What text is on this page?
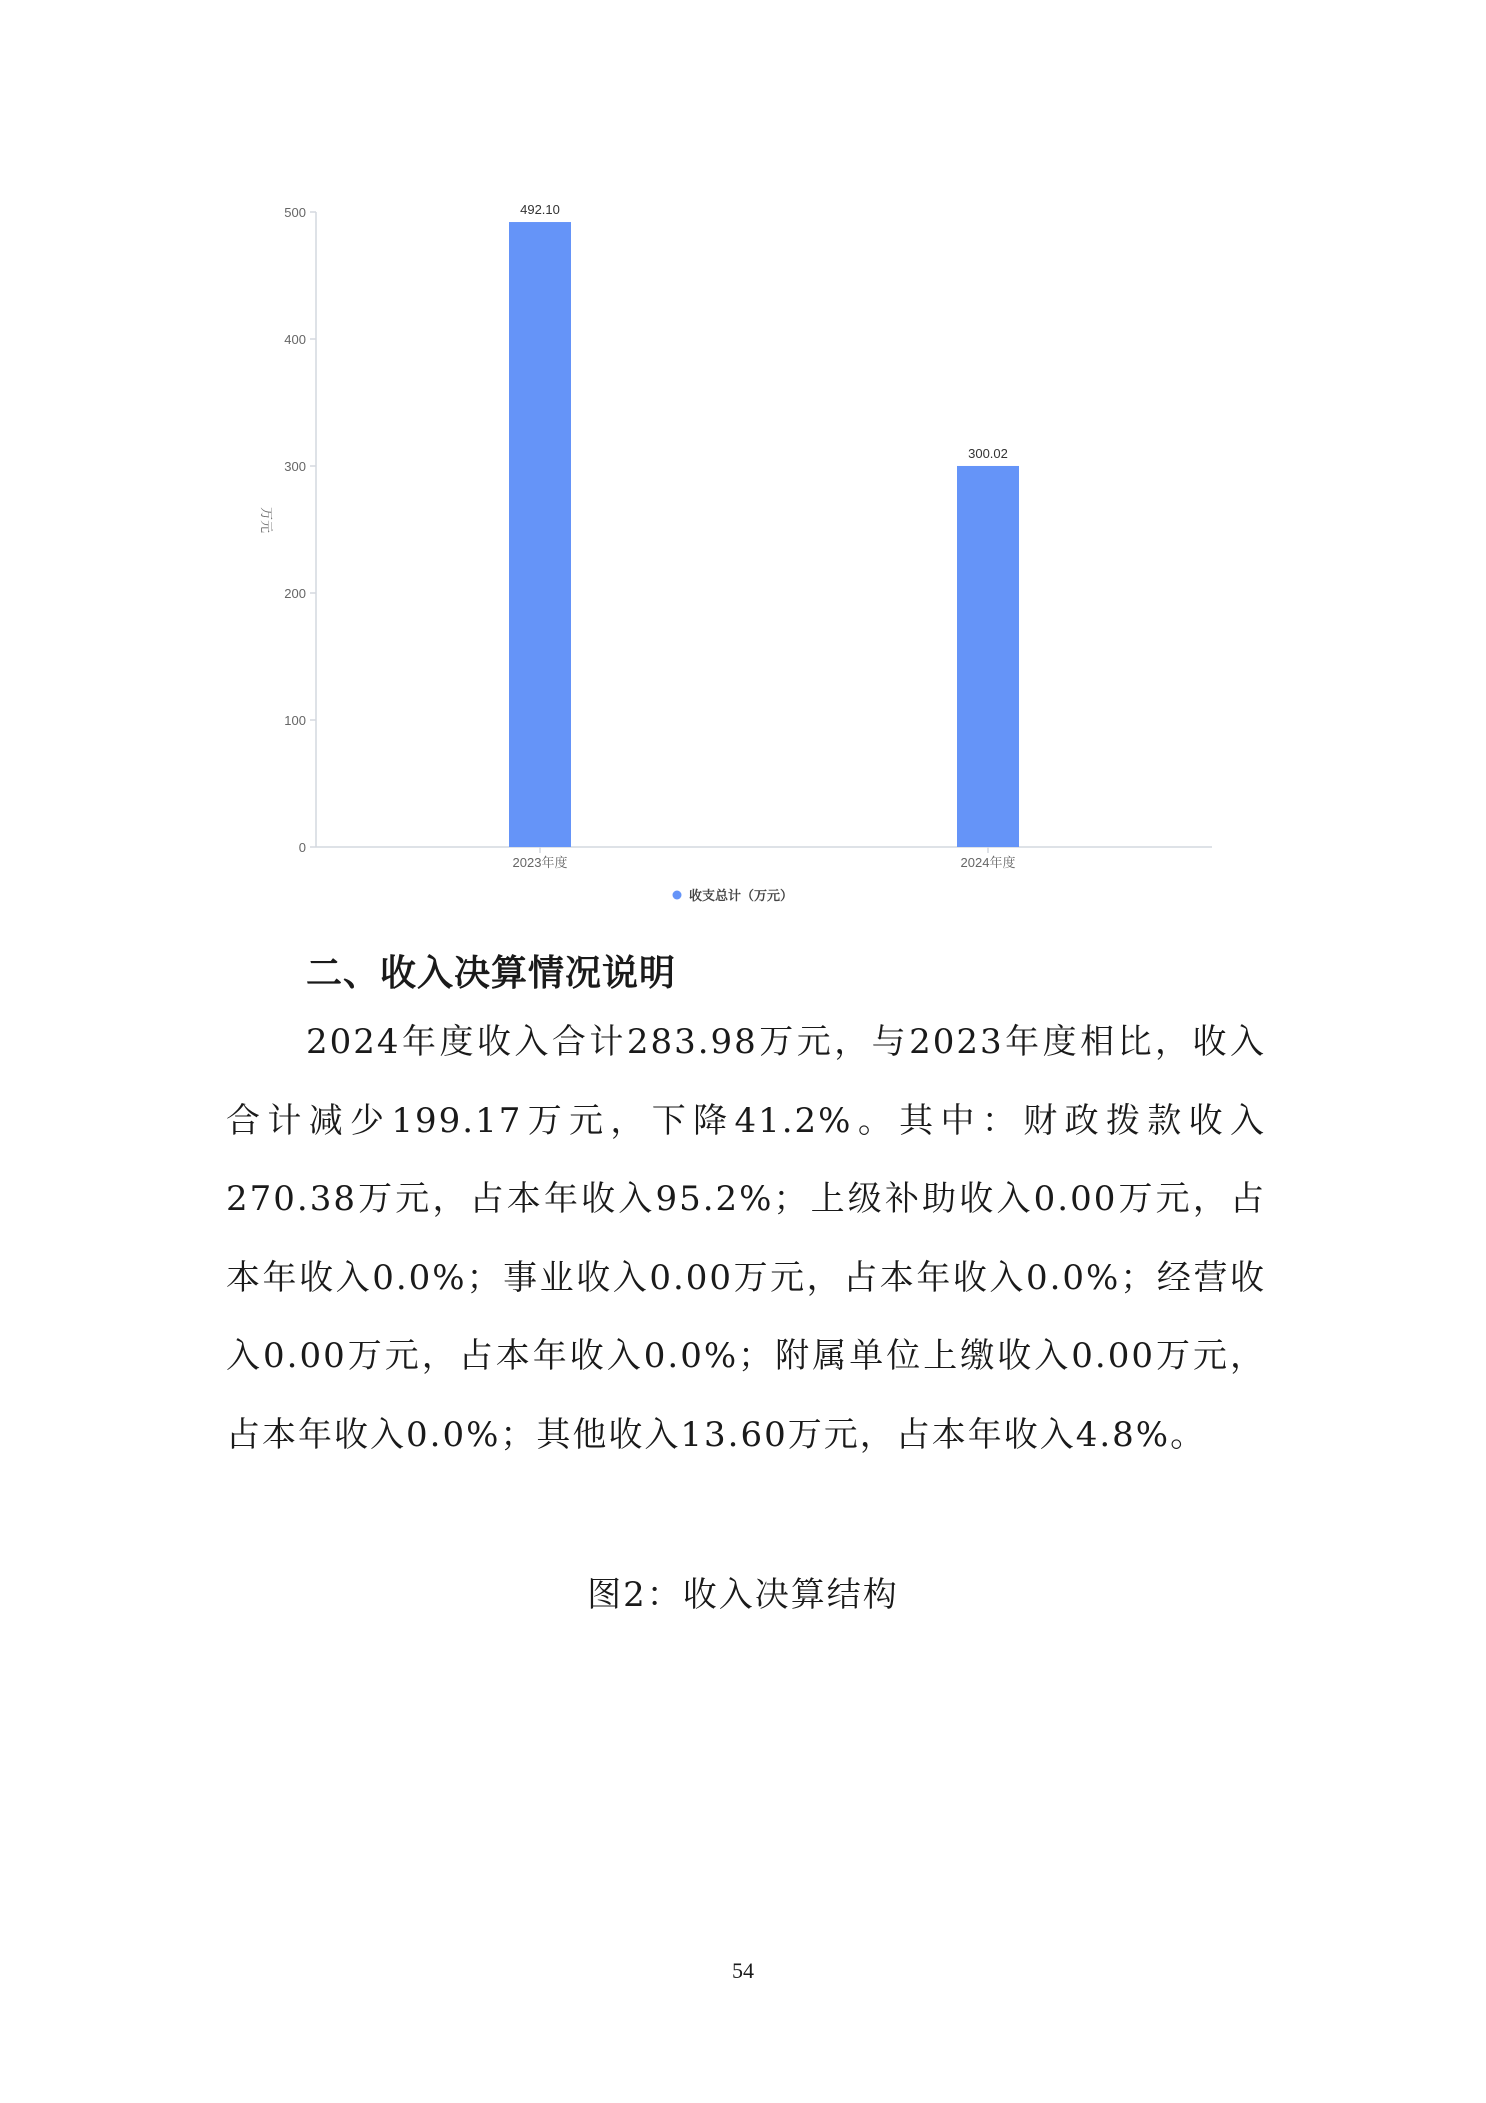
0
100
200
300
400
500	492.10
300.02
2023年度	2024年度
万元
收支总计（万元）
二、收入决算情况说明

2024年度收入合计283.98万元，与2023年度相比，收入合计减少199.17万元，下降41.2%。其中：财政拨款收入270.38万元，占本年收入95.2%；上级补助收入0.00万元，占本年收入0.0%；事业收入0.00万元，占本年收入0.0%；经营收入0.00万元，占本年收入0.0%；附属单位上缴收入0.00万元，占本年收入0.0%；其他收入13.60万元，占本年收入4.8%。

图2：收入决算结构
54
